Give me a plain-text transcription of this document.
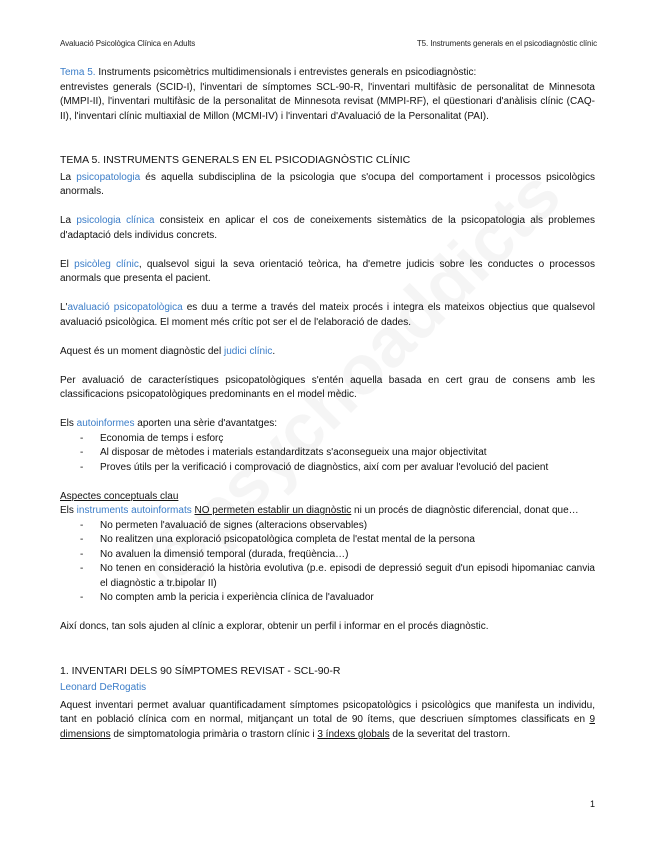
Avaluació Psicològica Clínica en Adults	T5. Instruments generals en el psicodiagnòstic clínic

Tema 5. Instruments psicomètrics multidimensionals i entrevistes generals en psicodiagnòstic:

entrevistes generals (SCID-I), l'inventari de símptomes SCL-90-R, l'inventari multifàsic de personalitat de Minnesota (MMPI-II), l'inventari multifàsic de la personalitat de Minnesota revisat (MMPI-RF), el qüestionari d'anàlisis clínic (CAQ-II), l'inventari clínic multiaxial de Millon (MCMI-IV) i l'inventari d'Avaluació de la Personalitat (PAI).

TEMA 5. INSTRUMENTS GENERALS EN EL PSICODIAGNÒSTIC CLÍNIC

La psicopatologia és aquella subdisciplina de la psicologia que s'ocupa del comportament i processos psicològics anormals.

La psicologia clínica consisteix en aplicar el cos de coneixements sistemàtics de la psicopatologia als problemes d'adaptació dels individus concrets.

El psicòleg clínic, qualsevol sigui la seva orientació teòrica, ha d'emetre judicis sobre les conductes o processos anormals que presenta el pacient.

L'avaluació psicopatològica es duu a terme a través del mateix procés i integra els mateixos objectius que qualsevol avaluació psicològica. El moment més crític pot ser el de l'elaboració de dades.

Aquest és un moment diagnòstic del judici clínic.

Per avaluació de característiques psicopatològiques s'entén aquella basada en cert grau de consens amb les classificacions psicopatològiques predominants en el model mèdic.

Els autoinformes aporten una sèrie d'avantatges:

- Economia de temps i esforç
- Al disposar de mètodes i materials estandarditzats s'aconsegueix una major objectivitat
- Proves útils per la verificació i comprovació de diagnòstics, així com per avaluar l'evolució del pacient

Aspectes conceptuals clau

Els instruments autoinformats NO permeten establir un diagnòstic ni un procés de diagnòstic diferencial, donat que…

- No permeten l'avaluació de signes (alteracions observables)
- No realitzen una exploració psicopatològica completa de l'estat mental de la persona
- No avaluen la dimensió temporal (durada, freqüència…)
- No tenen en consideració la història evolutiva (p.e. episodi de depressió seguit d'un episodi hipomaniac canvia el diagnòstic a tr.bipolar II)
- No compten amb la pericia i experiència clínica de l'avaluador

Així doncs, tan sols ajuden al clínic a explorar, obtenir un perfil i informar en el procés diagnòstic.

1. INVENTARI DELS 90 SÍMPTOMES REVISAT - SCL-90-R

Leonard DeRogatis

Aquest inventari permet avaluar quantificadament símptomes psicopatològics i psicològics que manifesta un individu, tant en població clínica com en normal, mitjançant un total de 90 ítems, que descriuen símptomes classificats en 9 dimensions de simptomatologia primària o trastorn clínic i 3 índexs globals de la severitat del trastorn.

1
